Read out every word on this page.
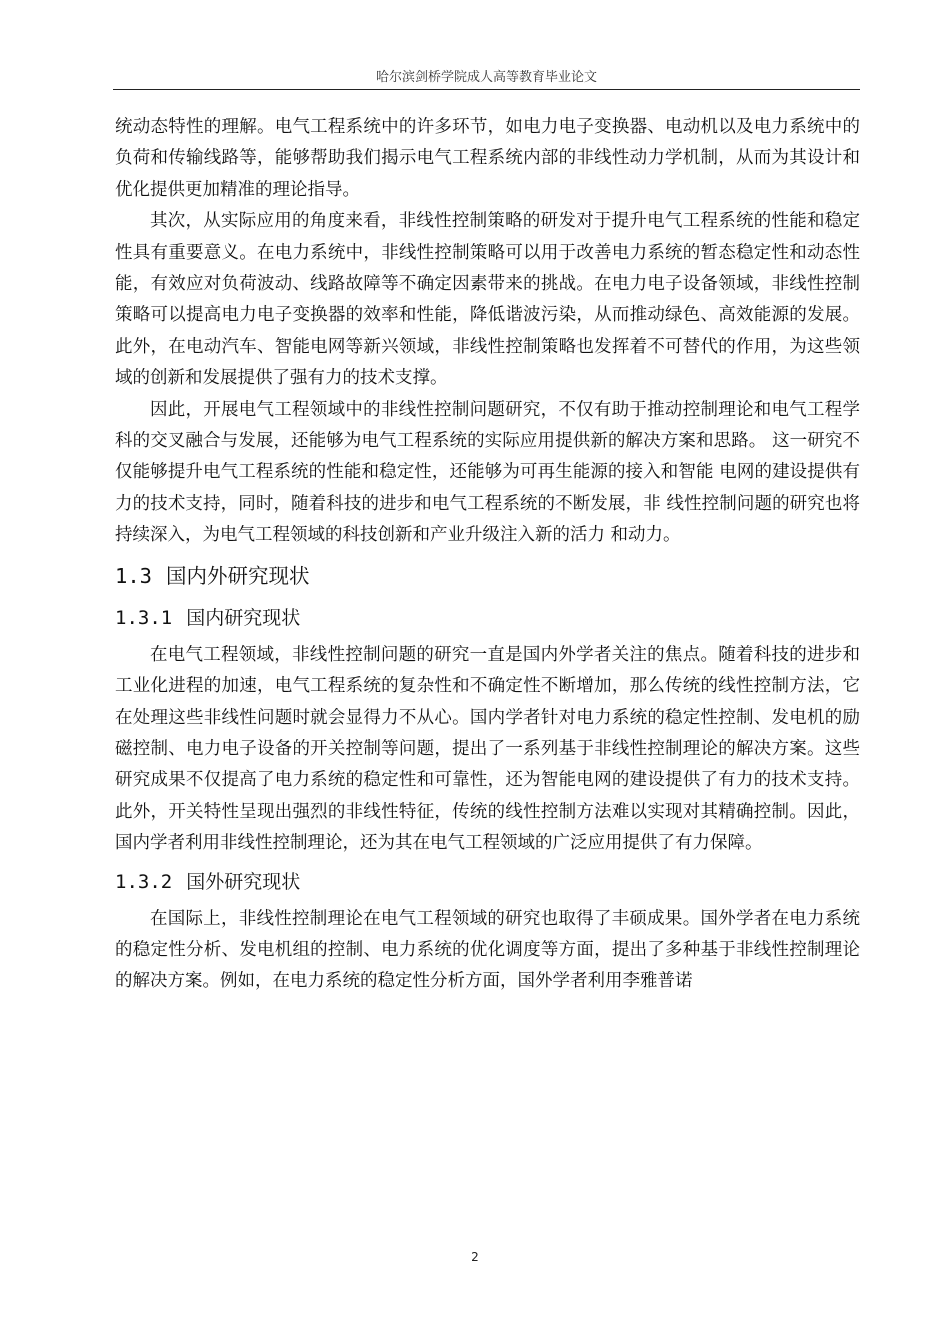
哈尔滨剑桥学院成人高等教育毕业论文

统动态特性的理解。电气工程系统中的许多环节，如电力电子变换器、电动机以及电力系统中的负荷和传输线路等，能够帮助我们揭示电气工程系统内部的非线性动力学机制，从而为其设计和优化提供更加精准的理论指导。

其次，从实际应用的角度来看，非线性控制策略的研发对于提升电气工程系统的性能和稳定性具有重要意义。在电力系统中，非线性控制策略可以用于改善电力系统的暂态稳定性和动态性能，有效应对负荷波动、线路故障等不确定因素带来的挑战。在电力电子设备领域，非线性控制策略可以提高电力电子变换器的效率和性能，降低谐波污染，从而推动绿色、高效能源的发展。此外，在电动汽车、智能电网等新兴领域，非线性控制策略也发挥着不可替代的作用，为这些领域的创新和发展提供了强有力的技术支撑。

因此，开展电气工程领域中的非线性控制问题研究，不仅有助于推动控制理论和电气工程学科的交叉融合与发展，还能够为电气工程系统的实际应用提供新的解决方案和思路。 这一研究不仅能够提升电气工程系统的性能和稳定性，还能够为可再生能源的接入和智能 电网的建设提供有力的技术支持，同时，随着科技的进步和电气工程系统的不断发展，非 线性控制问题的研究也将持续深入，为电气工程领域的科技创新和产业升级注入新的活力 和动力。

1.3 国内外研究现状
1.3.1 国内研究现状

在电气工程领域，非线性控制问题的研究一直是国内外学者关注的焦点。随着科技的进步和工业化进程的加速，电气工程系统的复杂性和不确定性不断增加，那么传统的线性控制方法，它在处理这些非线性问题时就会显得力不从心。国内学者针对电力系统的稳定性控制、发电机的励磁控制、电力电子设备的开关控制等问题，提出了一系列基于非线性控制理论的解决方案。这些研究成果不仅提高了电力系统的稳定性和可靠性，还为智能电网的建设提供了有力的技术支持。此外，开关特性呈现出强烈的非线性特征，传统的线性控制方法难以实现对其精确控制。因此，国内学者利用非线性控制理论，还为其在电气工程领域的广泛应用提供了有力保障。

1.3.2 国外研究现状

在国际上，非线性控制理论在电气工程领域的研究也取得了丰硕成果。国外学者在电力系统的稳定性分析、发电机组的控制、电力系统的优化调度等方面，提出了多种基于非线性控制理论的解决方案。例如，在电力系统的稳定性分析方面，国外学者利用李雅普诺

2
